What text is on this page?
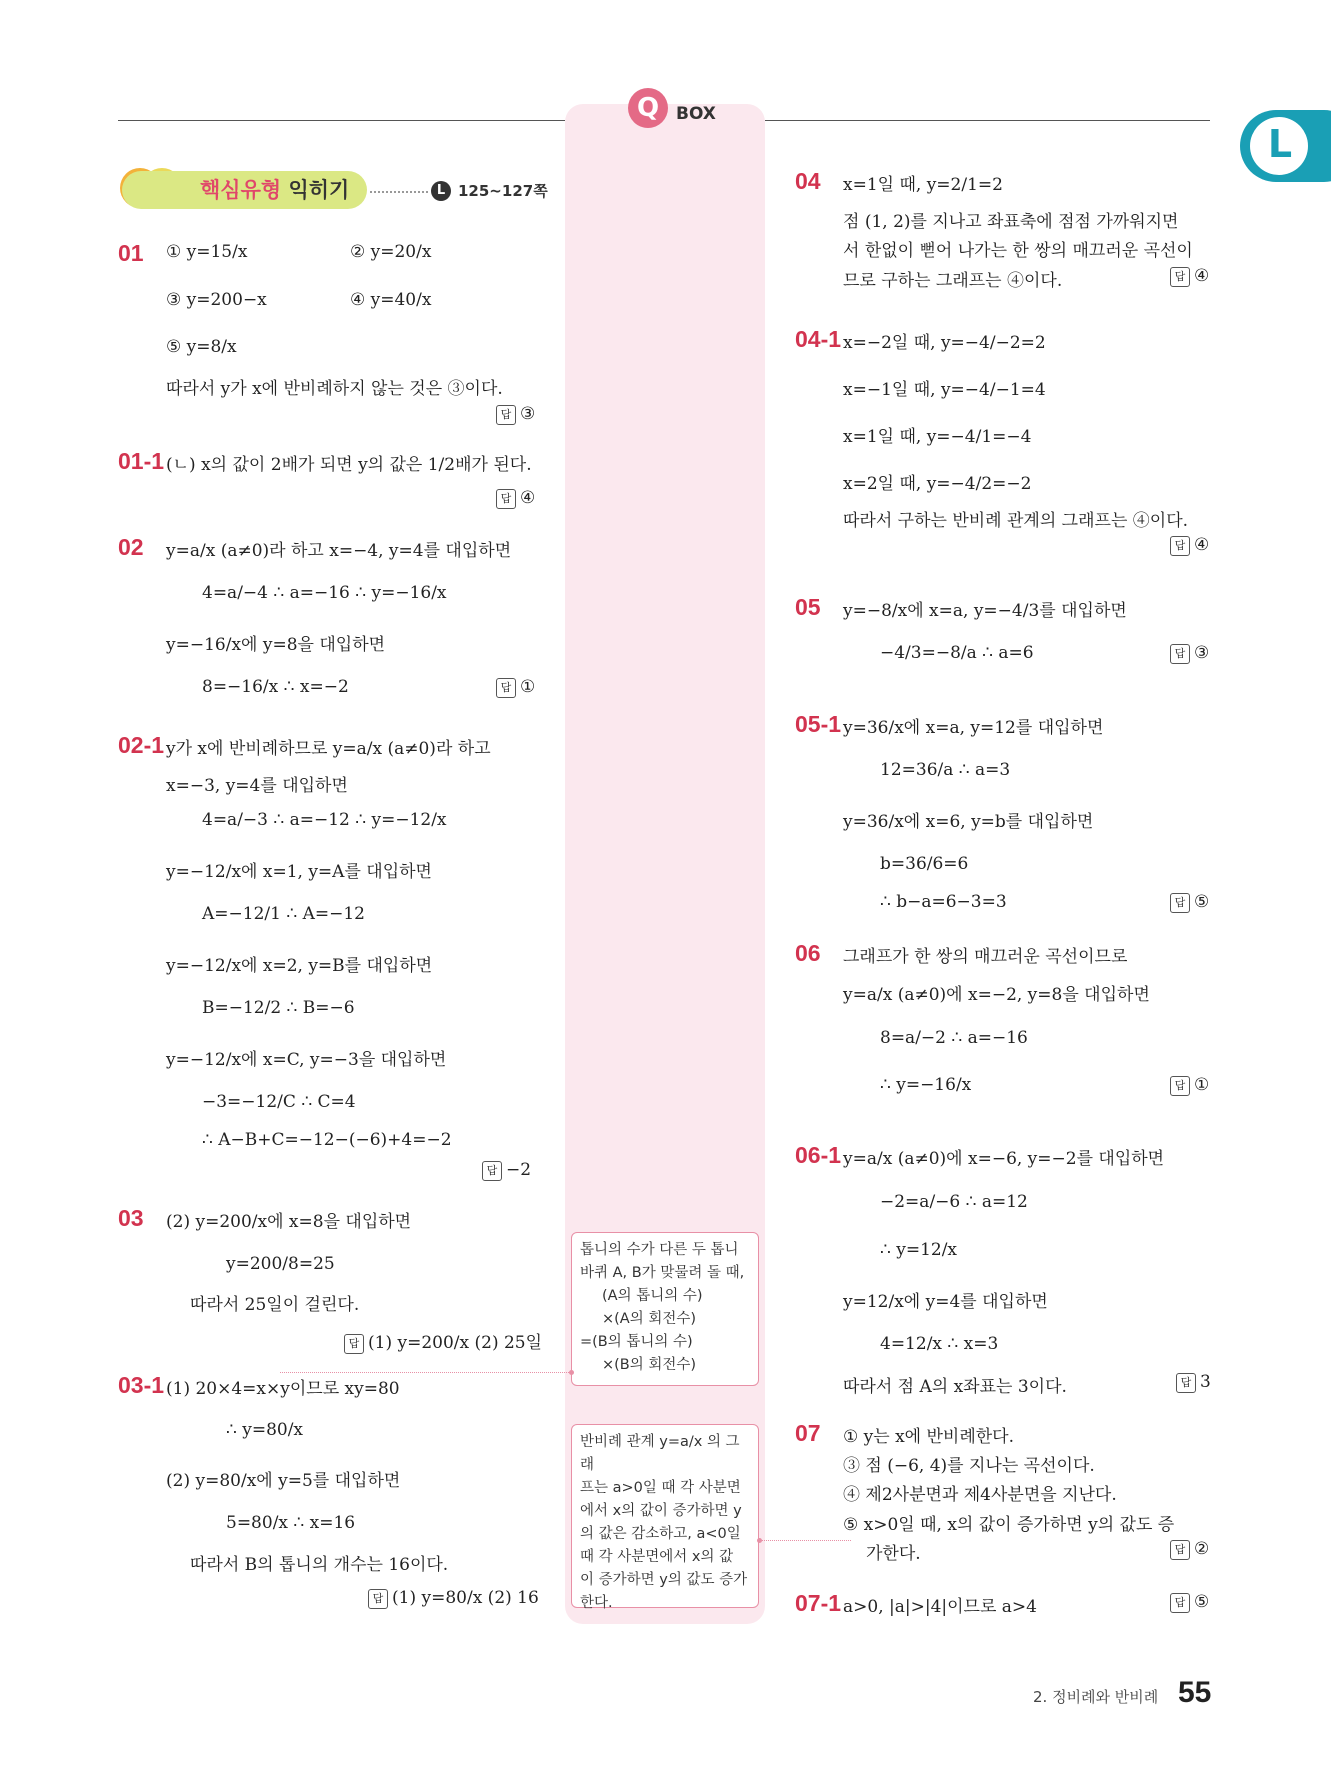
Q BOX
L
핵심유형 익히기	L 125~127쪽
01 ① y=15/x	② y=20/x
③ y=200−x	④ y=40/x
⑤ y=8/x
따라서 y가 x에 반비례하지 않는 것은 ③이다.
답 ③
01-1 (ㄴ) x의 값이 2배가 되면 y의 값은 1/2배가 된다.
답 ④
02 y=a/x (a≠0)라 하고 x=−4, y=4를 대입하면
4=a/−4 ∴ a=−16 ∴ y=−16/x
y=−16/x에 y=8을 대입하면
8=−16/x ∴ x=−2	답 ①
02-1 y가 x에 반비례하므로 y=a/x (a≠0)라 하고
x=−3, y=4를 대입하면
4=a/−3 ∴ a=−12 ∴ y=−12/x
y=−12/x에 x=1, y=A를 대입하면
A=−12/1 ∴ A=−12
y=−12/x에 x=2, y=B를 대입하면
B=−12/2 ∴ B=−6
y=−12/x에 x=C, y=−3을 대입하면
−3=−12/C ∴ C=4
∴ A−B+C=−12−(−6)+4=−2
답 −2
03 (2) y=200/x에 x=8을 대입하면
y=200/8=25
따라서 25일이 걸린다.
답 (1) y=200/x (2) 25일
03-1 (1) 20×4=x×y이므로 xy=80
∴ y=80/x
(2) y=80/x에 y=5를 대입하면
5=80/x ∴ x=16
따라서 B의 톱니의 개수는 16이다.
답 (1) y=80/x (2) 16
톱니의 수가 다른 두 톱니
바퀴 A, B가 맞물려 돌 때,
(A의 톱니의 수)
×(A의 회전수)
=(B의 톱니의 수)
×(B의 회전수)
반비례 관계 y=a/x 의 그래
프는 a>0일 때 각 사분면
에서 x의 값이 증가하면 y
의 값은 감소하고, a<0일
때 각 사분면에서 x의 값
이 증가하면 y의 값도 증가
한다.
04 x=1일 때, y=2/1=2
점 (1, 2)를 지나고 좌표축에 점점 가까워지면
서 한없이 뻗어 나가는 한 쌍의 매끄러운 곡선이
므로 구하는 그래프는 ④이다.	답 ④
04-1 x=−2일 때, y=−4/−2=2
x=−1일 때, y=−4/−1=4
x=1일 때, y=−4/1=−4
x=2일 때, y=−4/2=−2
따라서 구하는 반비례 관계의 그래프는 ④이다.
답 ④
05 y=−8/x에 x=a, y=−4/3를 대입하면
−4/3=−8/a ∴ a=6	답 ③
05-1 y=36/x에 x=a, y=12를 대입하면
12=36/a ∴ a=3
y=36/x에 x=6, y=b를 대입하면
b=36/6=6
∴ b−a=6−3=3	답 ⑤
06 그래프가 한 쌍의 매끄러운 곡선이므로
y=a/x (a≠0)에 x=−2, y=8을 대입하면
8=a/−2 ∴ a=−16
∴ y=−16/x	답 ①
06-1 y=a/x (a≠0)에 x=−6, y=−2를 대입하면
−2=a/−6 ∴ a=12
∴ y=12/x
y=12/x에 y=4를 대입하면
4=12/x ∴ x=3
따라서 점 A의 x좌표는 3이다.	답 3
07 ① y는 x에 반비례한다.
③ 점 (−6, 4)를 지나는 곡선이다.
④ 제2사분면과 제4사분면을 지난다.
⑤ x>0일 때, x의 값이 증가하면 y의 값도 증
가한다.	답 ②
07-1 a>0, |a|>|4|이므로 a>4	답 ⑤
2. 정비례와 반비례 55
